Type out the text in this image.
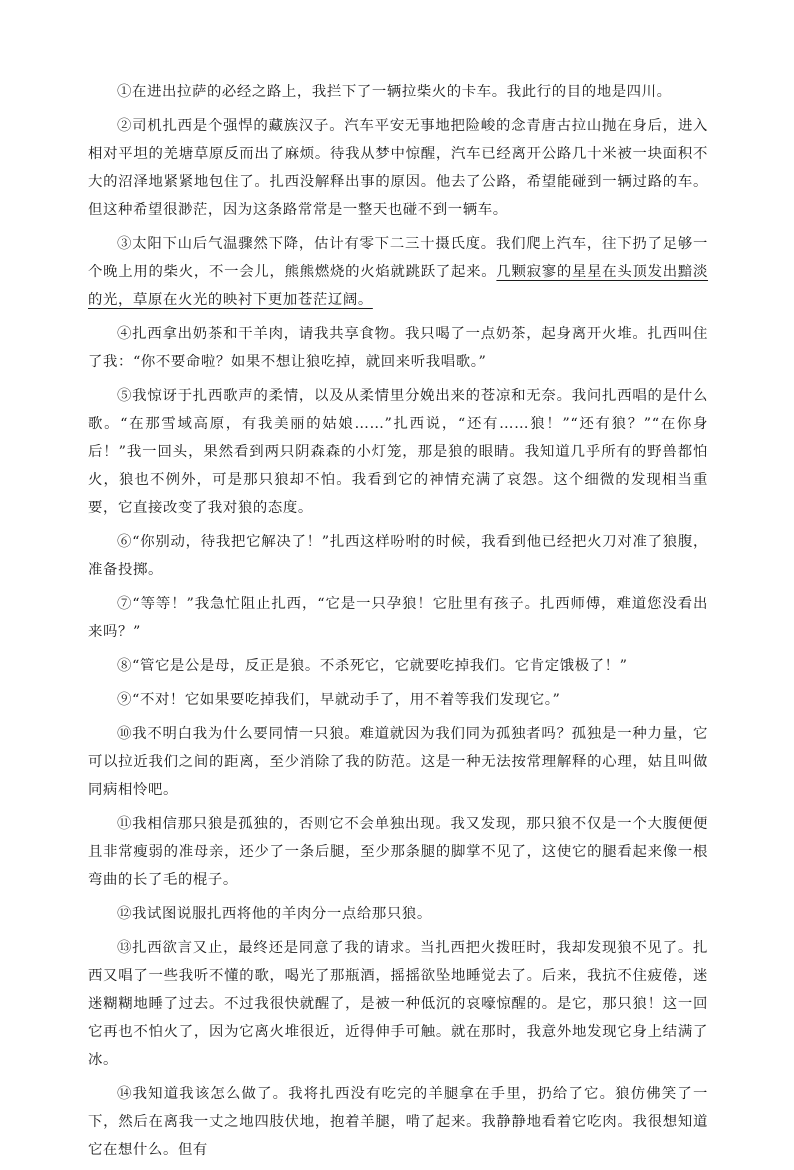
①在进出拉萨的必经之路上，我拦下了一辆拉柴火的卡车。我此行的目的地是四川。

②司机扎西是个强悍的藏族汉子。汽车平安无事地把险峻的念青唐古拉山抛在身后，进入相对平坦的羌塘草原反而出了麻烦。待我从梦中惊醒，汽车已经离开公路几十米被一块面积不大的沼泽地紧紧地包住了。扎西没解释出事的原因。他去了公路，希望能碰到一辆过路的车。但这种希望很渺茫，因为这条路常常是一整天也碰不到一辆车。

③太阳下山后气温骤然下降，估计有零下二三十摄氏度。我们爬上汽车，往下扔了足够一个晚上用的柴火，不一会儿，熊熊燃烧的火焰就跳跃了起来。几颗寂寥的星星在头顶发出黯淡的光，草原在火光的映衬下更加苍茫辽阔。

④扎西拿出奶茶和干羊肉，请我共享食物。我只喝了一点奶茶，起身离开火堆。扎西叫住了我：“你不要命啦？如果不想让狼吃掉，就回来听我唱歌。”

⑤我惊讶于扎西歌声的柔情，以及从柔情里分娩出来的苍凉和无奈。我问扎西唱的是什么歌。“在那雪域高原，有我美丽的姑娘……”扎西说，“还有……狼！”“还有狼？”“在你身后！”我一回头，果然看到两只阴森森的小灯笼，那是狼的眼睛。我知道几乎所有的野兽都怕火，狼也不例外，可是那只狼却不怕。我看到它的神情充满了哀怨。这个细微的发现相当重要，它直接改变了我对狼的态度。

⑥“你别动，待我把它解决了！”扎西这样吩咐的时候，我看到他已经把火刀对准了狼腹，准备投掷。

⑦“等等！”我急忙阻止扎西，“它是一只孕狼！它肚里有孩子。扎西师傅，难道您没看出来吗？”

⑧“管它是公是母，反正是狼。不杀死它，它就要吃掉我们。它肯定饿极了！”

⑨“不对！它如果要吃掉我们，早就动手了，用不着等我们发现它。”

⑩我不明白我为什么要同情一只狼。难道就因为我们同为孤独者吗？孤独是一种力量，它可以拉近我们之间的距离，至少消除了我的防范。这是一种无法按常理解释的心理，姑且叫做同病相怜吧。

⑪我相信那只狼是孤独的，否则它不会单独出现。我又发现，那只狼不仅是一个大腹便便且非常瘦弱的准母亲，还少了一条后腿，至少那条腿的脚掌不见了，这使它的腿看起来像一根弯曲的长了毛的棍子。

⑫我试图说服扎西将他的羊肉分一点给那只狼。

⑬扎西欲言又止，最终还是同意了我的请求。当扎西把火拨旺时，我却发现狼不见了。扎西又唱了一些我听不懂的歌，喝光了那瓶酒，摇摇欲坠地睡觉去了。后来，我抗不住疲倦，迷迷糊糊地睡了过去。不过我很快就醒了，是被一种低沉的哀嚎惊醒的。是它，那只狼！这一回它再也不怕火了，因为它离火堆很近，近得伸手可触。就在那时，我意外地发现它身上结满了冰。

⑭我知道我该怎么做了。我将扎西没有吃完的羊腿拿在手里，扔给了它。狼仿佛笑了一下，然后在离我一丈之地四肢伏地，抱着羊腿，啃了起来。我静静地看着它吃肉。我很想知道它在想什么。但有
